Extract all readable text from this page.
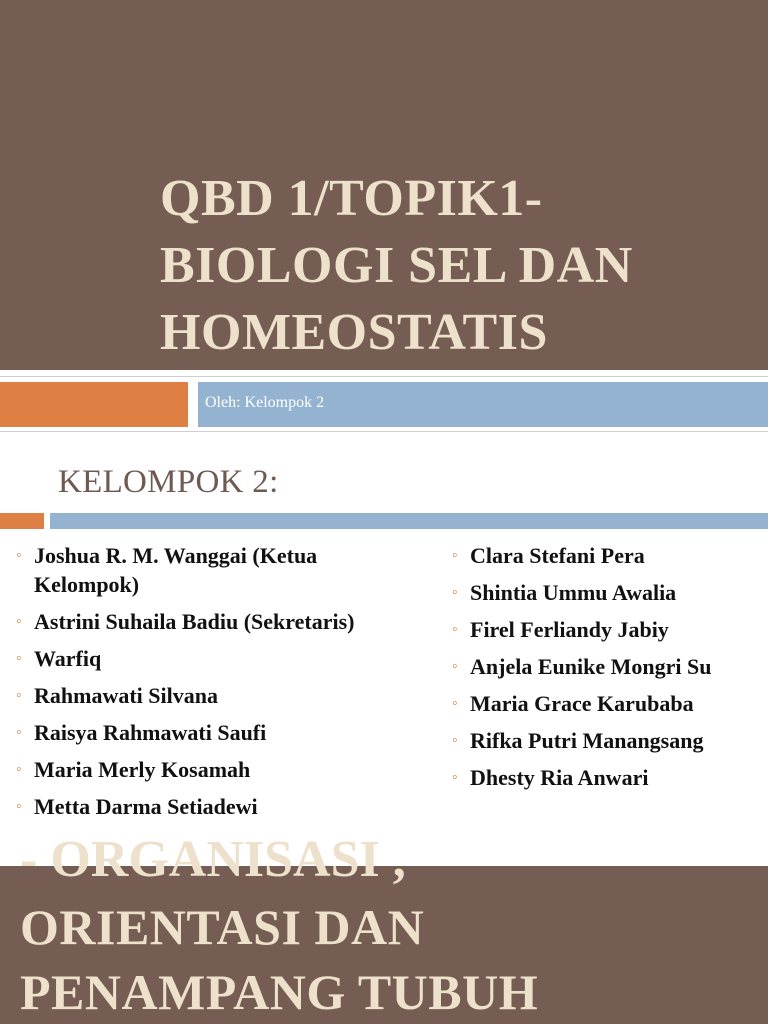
QBD 1/TOPIK1-
BIOLOGI SEL DAN
HOMEOSTATIS
Oleh: Kelompok 2
KELOMPOK 2:
◦ Joshua R. M. Wanggai (Ketua Kelompok)
◦ Astrini Suhaila Badiu (Sekretaris)
◦ Warfiq
◦ Rahmawati Silvana
◦ Raisya Rahmawati Saufi
◦ Maria Merly Kosamah
◦ Metta Darma Setiadewi
◦ Clara Stefani Pera
◦ Shintia Ummu Awalia
◦ Firel Ferliandy Jabiy
◦ Anjela Eunike Mongri Su
◦ Maria Grace Karubaba
◦ Rifka Putri Manangsang
◦ Dhesty Ria Anwari
- ORGANISASI ,
ORIENTASI DAN
PENAMPANG TUBUH
